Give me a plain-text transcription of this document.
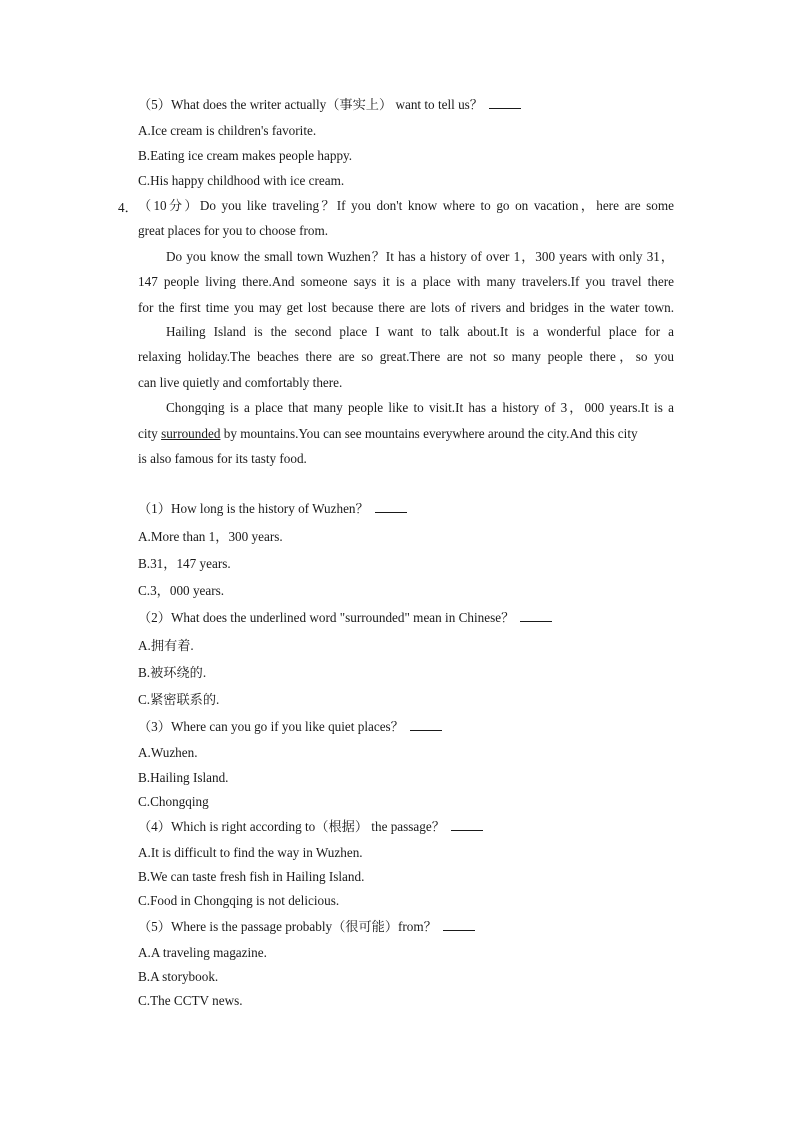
（5）What does the writer actually（事实上） want to tell us？
A.Ice cream is children's favorite.
B.Eating ice cream makes people happy.
C.His happy childhood with ice cream.
4． （10分）Do you like traveling？If you don't know where to go on vacation，here are some
great places for you to choose from.
Do you know the small town Wuzhen？It has a history of over 1，300 years with only 31，
147 people living there.And someone says it is a place with many travelers.If you travel there
for the first time you may get lost because there are lots of rivers and bridges in the water town.
Hailing Island is the second place I want to talk about.It is a wonderful place for a
relaxing holiday.The beaches there are so great.There are not so many people there，so you
can live quietly and comfortably there.
Chongqing is a place that many people like to visit.It has a history of 3，000 years.It is a
city surrounded by mountains.You can see mountains everywhere around the city.And this city
is also famous for its tasty food.
（1）How long is the history of Wuzhen？
A.More than 1，300 years.
B.31，147 years.
C.3，000 years.
（2）What does the underlined word "surrounded" mean in Chinese？
A.拥有着.
B.被环绕的.
C.紧密联系的.
（3）Where can you go if you like quiet places？
A.Wuzhen.
B.Hailing Island.
C.Chongqing
（4）Which is right according to（根据） the passage？
A.It is difficult to find the way in Wuzhen.
B.We can taste fresh fish in Hailing Island.
C.Food in Chongqing is not delicious.
（5）Where is the passage probably（很可能）from？
A.A traveling magazine.
B.A storybook.
C.The CCTV news.
